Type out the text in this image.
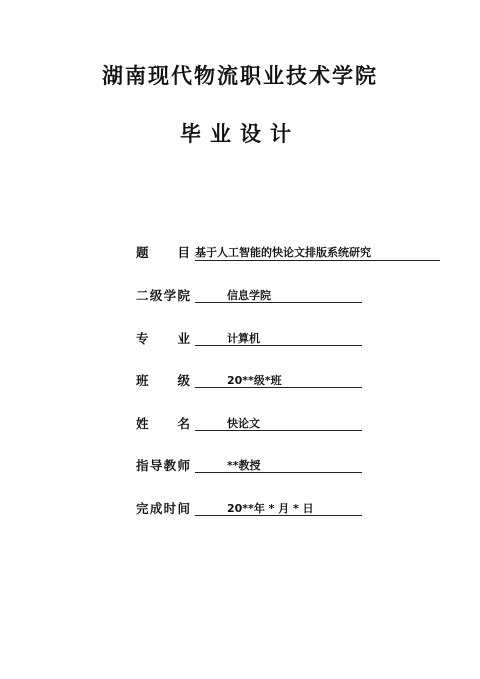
湖南现代物流职业技术学院
毕业设计
题 目 基于人工智能的快论文排版系统研究
二 级 学 院	信息学院
专 业	计算机
班 级	20**级*班
姓 名	快论文
指 导 教 师	**教授
完 成 时 间	20**年 * 月 * 日
